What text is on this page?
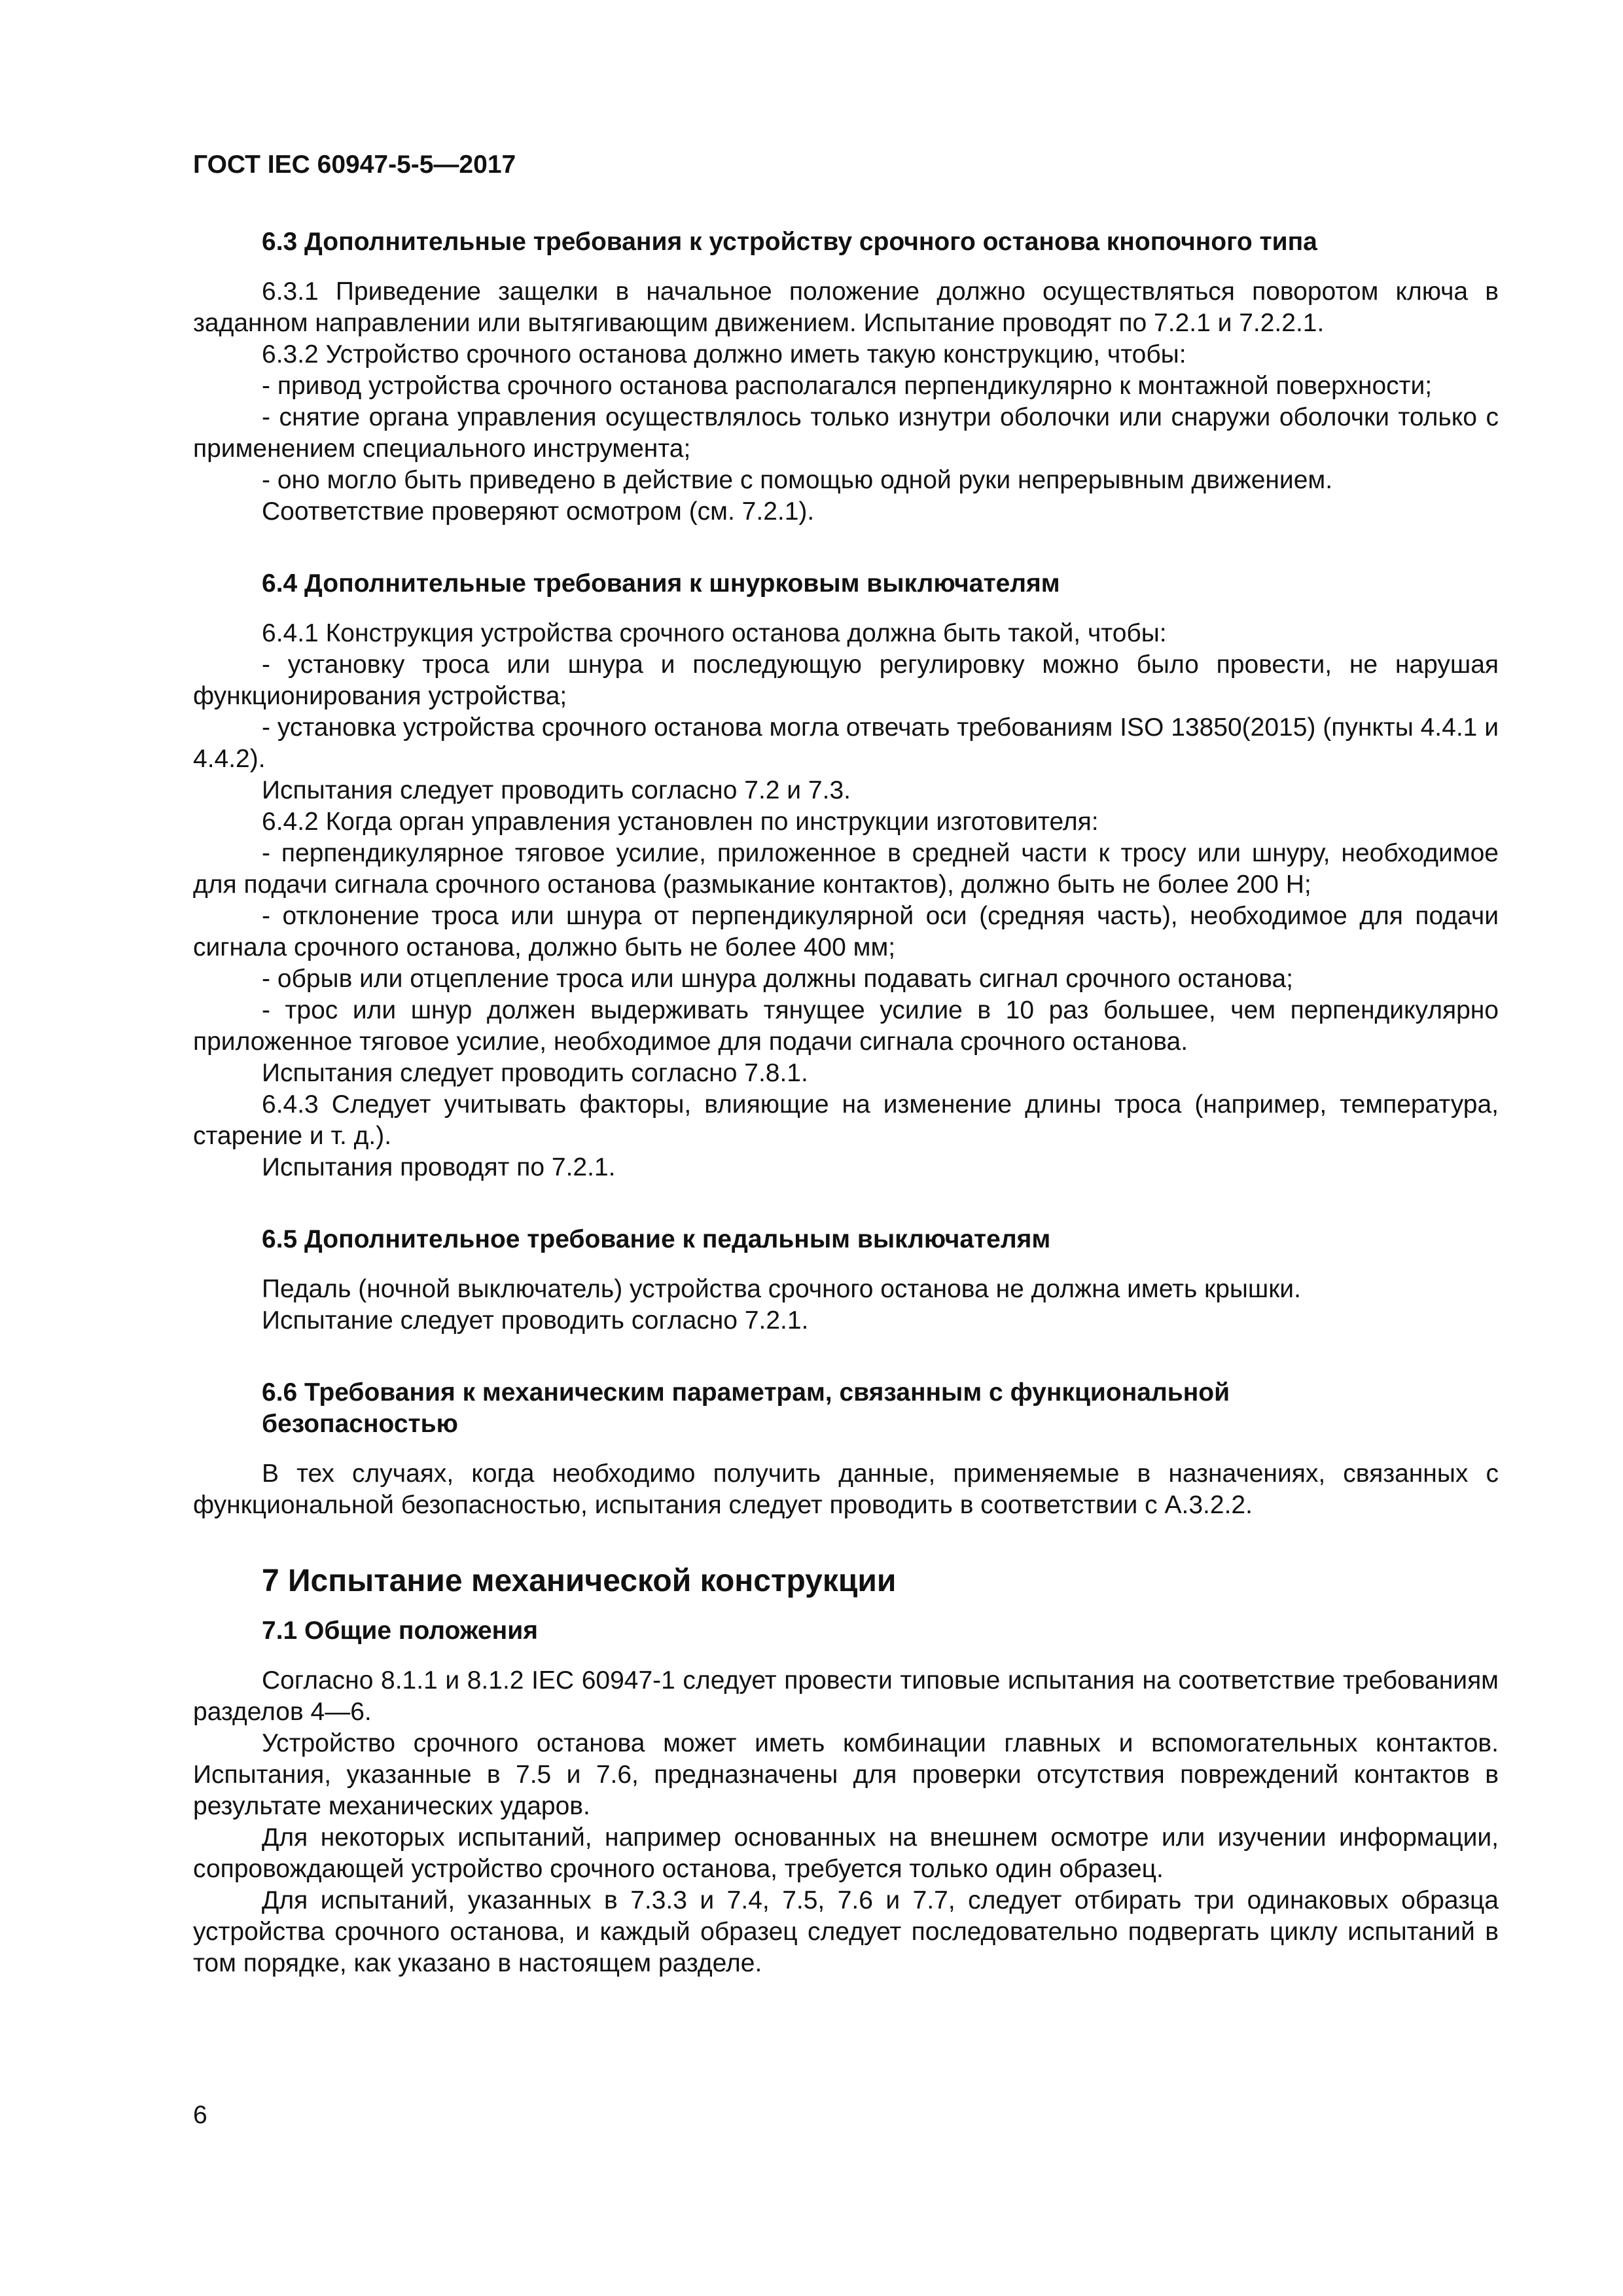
ГОСТ IEC 60947-5-5—2017
6.3 Дополнительные требования к устройству срочного останова кнопочного типа

6.3.1 Приведение защелки в начальное положение должно осуществляться поворотом ключа в заданном направлении или вытягивающим движением. Испытание проводят по 7.2.1 и 7.2.2.1.

6.3.2 Устройство срочного останова должно иметь такую конструкцию, чтобы:

- привод устройства срочного останова располагался перпендикулярно к монтажной поверхности;

- снятие органа управления осуществлялось только изнутри оболочки или снаружи оболочки только с применением специального инструмента;

- оно могло быть приведено в действие с помощью одной руки непрерывным движением.

Соответствие проверяют осмотром (см. 7.2.1).

6.4 Дополнительные требования к шнурковым выключателям

6.4.1 Конструкция устройства срочного останова должна быть такой, чтобы:

- установку троса или шнура и последующую регулировку можно было провести, не нарушая функционирования устройства;

- установка устройства срочного останова могла отвечать требованиям ISO 13850(2015) (пункты 4.4.1 и 4.4.2).

Испытания следует проводить согласно 7.2 и 7.3.

6.4.2 Когда орган управления установлен по инструкции изготовителя:

- перпендикулярное тяговое усилие, приложенное в средней части к тросу или шнуру, необходимое для подачи сигнала срочного останова (размыкание контактов), должно быть не более 200 Н;

- отклонение троса или шнура от перпендикулярной оси (средняя часть), необходимое для подачи сигнала срочного останова, должно быть не более 400 мм;

- обрыв или отцепление троса или шнура должны подавать сигнал срочного останова;

- трос или шнур должен выдерживать тянущее усилие в 10 раз большее, чем перпендикулярно приложенное тяговое усилие, необходимое для подачи сигнала срочного останова.

Испытания следует проводить согласно 7.8.1.

6.4.3 Следует учитывать факторы, влияющие на изменение длины троса (например, температура, старение и т. д.).

Испытания проводят по 7.2.1.

6.5 Дополнительное требование к педальным выключателям

Педаль (ночной выключатель) устройства срочного останова не должна иметь крышки.

Испытание следует проводить согласно 7.2.1.

6.6 Требования к механическим параметрам, связанным с функциональной
безопасностью

В тех случаях, когда необходимо получить данные, применяемые в назначениях, связанных с функциональной безопасностью, испытания следует проводить в соответствии с А.3.2.2.

7 Испытание механической конструкции
7.1 Общие положения

Согласно 8.1.1 и 8.1.2 IEC 60947-1 следует провести типовые испытания на соответствие требованиям разделов 4—6.

Устройство срочного останова может иметь комбинации главных и вспомогательных контактов. Испытания, указанные в 7.5 и 7.6, предназначены для проверки отсутствия повреждений контактов в результате механических ударов.

Для некоторых испытаний, например основанных на внешнем осмотре или изучении информации, сопровождающей устройство срочного останова, требуется только один образец.

Для испытаний, указанных в 7.3.3 и 7.4, 7.5, 7.6 и 7.7, следует отбирать три одинаковых образца устройства срочного останова, и каждый образец следует последовательно подвергать циклу испытаний в том порядке, как указано в настоящем разделе.

6
